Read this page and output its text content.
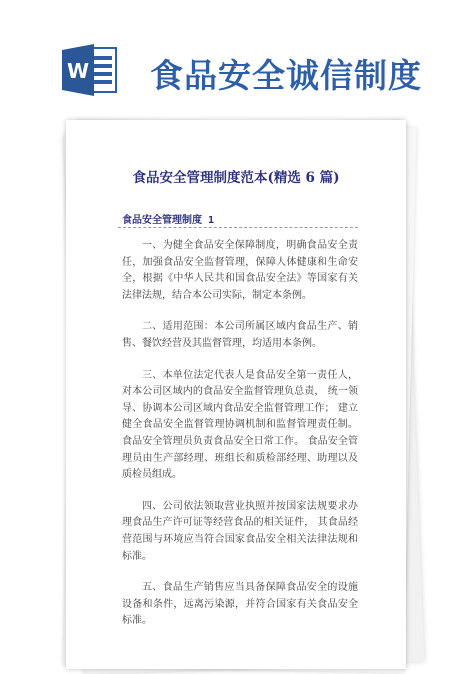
W 食品安全诚信制度
食品安全管理制度范本(精选 6 篇)
食品安全管理制度 1

一、为健全食品安全保障制度，明确食品安全责任，加强食品安全监督管理，保障人体健康和生命安全，根据《中华人民共和国食品安全法》等国家有关法律法规，结合本公司实际，制定本条例。

二、适用范围：本公司所属区域内食品生产、销售、餐饮经营及其监督管理，均适用本条例。

三、本单位法定代表人是食品安全第一责任人， 对本公司区域内的食品安全监督管理负总责， 统一领导、协调本公司区域内食品安全监督管理工作； 建立健全食品安全监督管理协调机制和监督管理责任制。 食品安全管理员负责食品安全日常工作。 食品安全管理员由生产部经理、班组长和质检部经理、助理以及质检员组成。

四、公司依法领取营业执照并按国家法规要求办理食品生产许可证等经营食品的相关证件， 其食品经营范围与环境应当符合国家食品安全相关法律法规和标准。

五、食品生产销售应当具备保障食品安全的设施设备和条件，远离污染源，并符合国家有关食品安全标准。
